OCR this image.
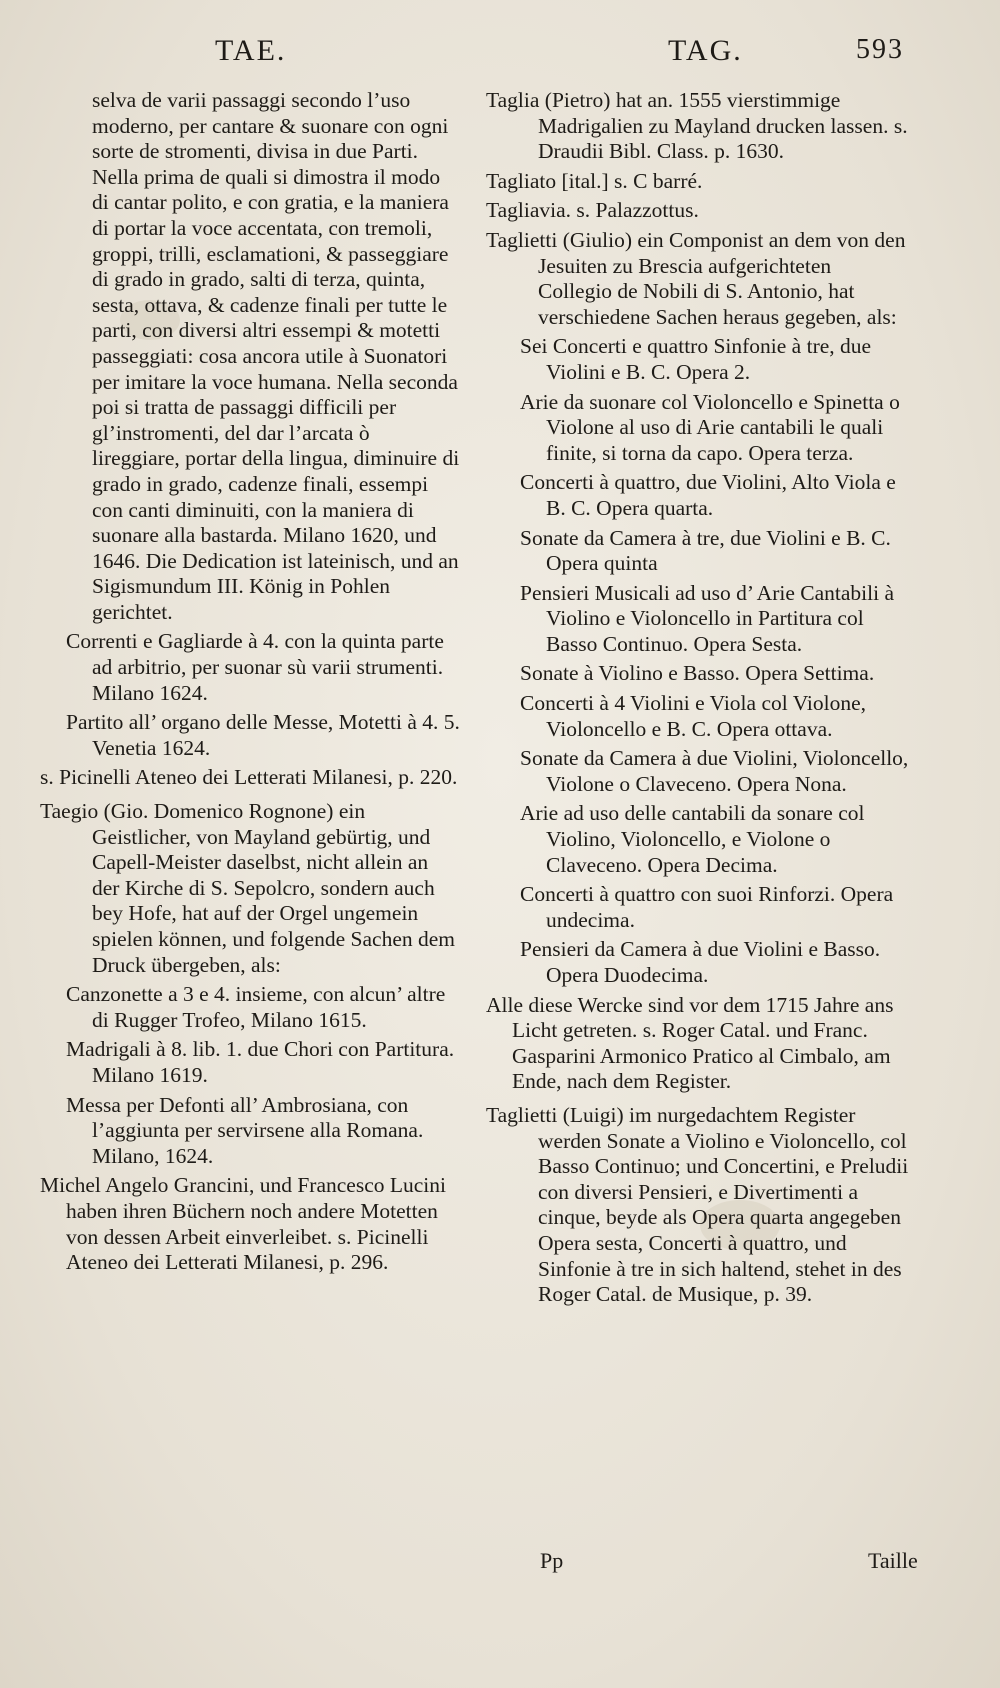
TAE.	TAG.	593

selva de varii passaggi secondo l’uso moderno, per cantare & suonare con ogni sorte de stromenti, divisa in due Parti. Nella prima de quali si dimostra il modo di cantar polito, e con gratia, e la maniera di portar la voce accentata, con tremoli, groppi, trilli, esclamationi, & passeggiare di grado in grado, salti di terza, quinta, sesta, ottava, & cadenze finali per tutte le parti, con diversi altri essempi & motetti passeggiati: cosa ancora utile à Suonatori per imitare la voce humana. Nella seconda poi si tratta de passaggi difficili per gl’instromenti, del dar l’arcata ò lireggiare, portar della lingua, diminuire di grado in grado, cadenze finali, essempi con canti diminuiti, con la maniera di suonare alla bastarda. Milano 1620, und 1646. Die Dedication ist lateinisch, und an Sigismundum III. König in Pohlen gerichtet.

Correnti e Gagliarde à 4. con la quinta parte ad arbitrio, per suonar sù varii strumenti. Milano 1624.

Partito all’ organo delle Messe, Motetti à 4. 5. Venetia 1624.

s. Picinelli Ateneo dei Letterati Milanesi, p. 220.

Taegio (Gio. Domenico Rognone) ein Geistlicher, von Mayland gebürtig, und Capell-Meister daselbst, nicht allein an der Kirche di S. Sepolcro, sondern auch bey Hofe, hat auf der Orgel ungemein spielen können, und folgende Sachen dem Druck übergeben, als:

Canzonette a 3 e 4. insieme, con alcun’ altre di Rugger Trofeo, Milano 1615.

Madrigali à 8. lib. 1. due Chori con Partitura. Milano 1619.

Messa per Defonti all’ Ambrosiana, con l’aggiunta per servirsene alla Romana. Milano, 1624.

Michel Angelo Grancini, und Francesco Lucini haben ihren Büchern noch andere Motetten von dessen Arbeit einverleibet. s. Picinelli Ateneo dei Letterati Milanesi, p. 296.

Taglia (Pietro) hat an. 1555 vierstimmige Madrigalien zu Mayland drucken lassen. s. Draudii Bibl. Class. p. 1630.

Tagliato [ital.] s. C barré.

Tagliavia. s. Palazzottus.

Taglietti (Giulio) ein Componist an dem von den Jesuiten zu Brescia aufgerichteten Collegio de Nobili di S. Antonio, hat verschiedene Sachen heraus gegeben, als:

Sei Concerti e quattro Sinfonie à tre, due Violini e B. C. Opera 2.

Arie da suonare col Violoncello e Spinetta o Violone al uso di Arie cantabili le quali finite, si torna da capo. Opera terza.

Concerti à quattro, due Violini, Alto Viola e B. C. Opera quarta.

Sonate da Camera à tre, due Violini e B. C. Opera quinta

Pensieri Musicali ad uso d’ Arie Cantabili à Violino e Violoncello in Partitura col Basso Continuo. Opera Sesta.

Sonate à Violino e Basso. Opera Settima.

Concerti à 4 Violini e Viola col Violone, Violoncello e B. C. Opera ottava.

Sonate da Camera à due Violini, Violoncello, Violone o Claveceno. Opera Nona.

Arie ad uso delle cantabili da sonare col Violino, Violoncello, e Violone o Claveceno. Opera Decima.

Concerti à quattro con suoi Rinforzi. Opera undecima.

Pensieri da Camera à due Violini e Basso. Opera Duodecima.

Alle diese Wercke sind vor dem 1715 Jahre ans Licht getreten. s. Roger Catal. und Franc. Gasparini Armonico Pratico al Cimbalo, am Ende, nach dem Register.

Taglietti (Luigi) im nurgedachtem Register werden Sonate a Violino e Violoncello, col Basso Continuo; und Concertini, e Preludii con diversi Pensieri, e Divertimenti a cinque, beyde als Opera quarta angegeben Opera sesta, Concerti à quattro, und Sinfonie à tre in sich haltend, stehet in des Roger Catal. de Musique, p. 39.

Pp	Taille
